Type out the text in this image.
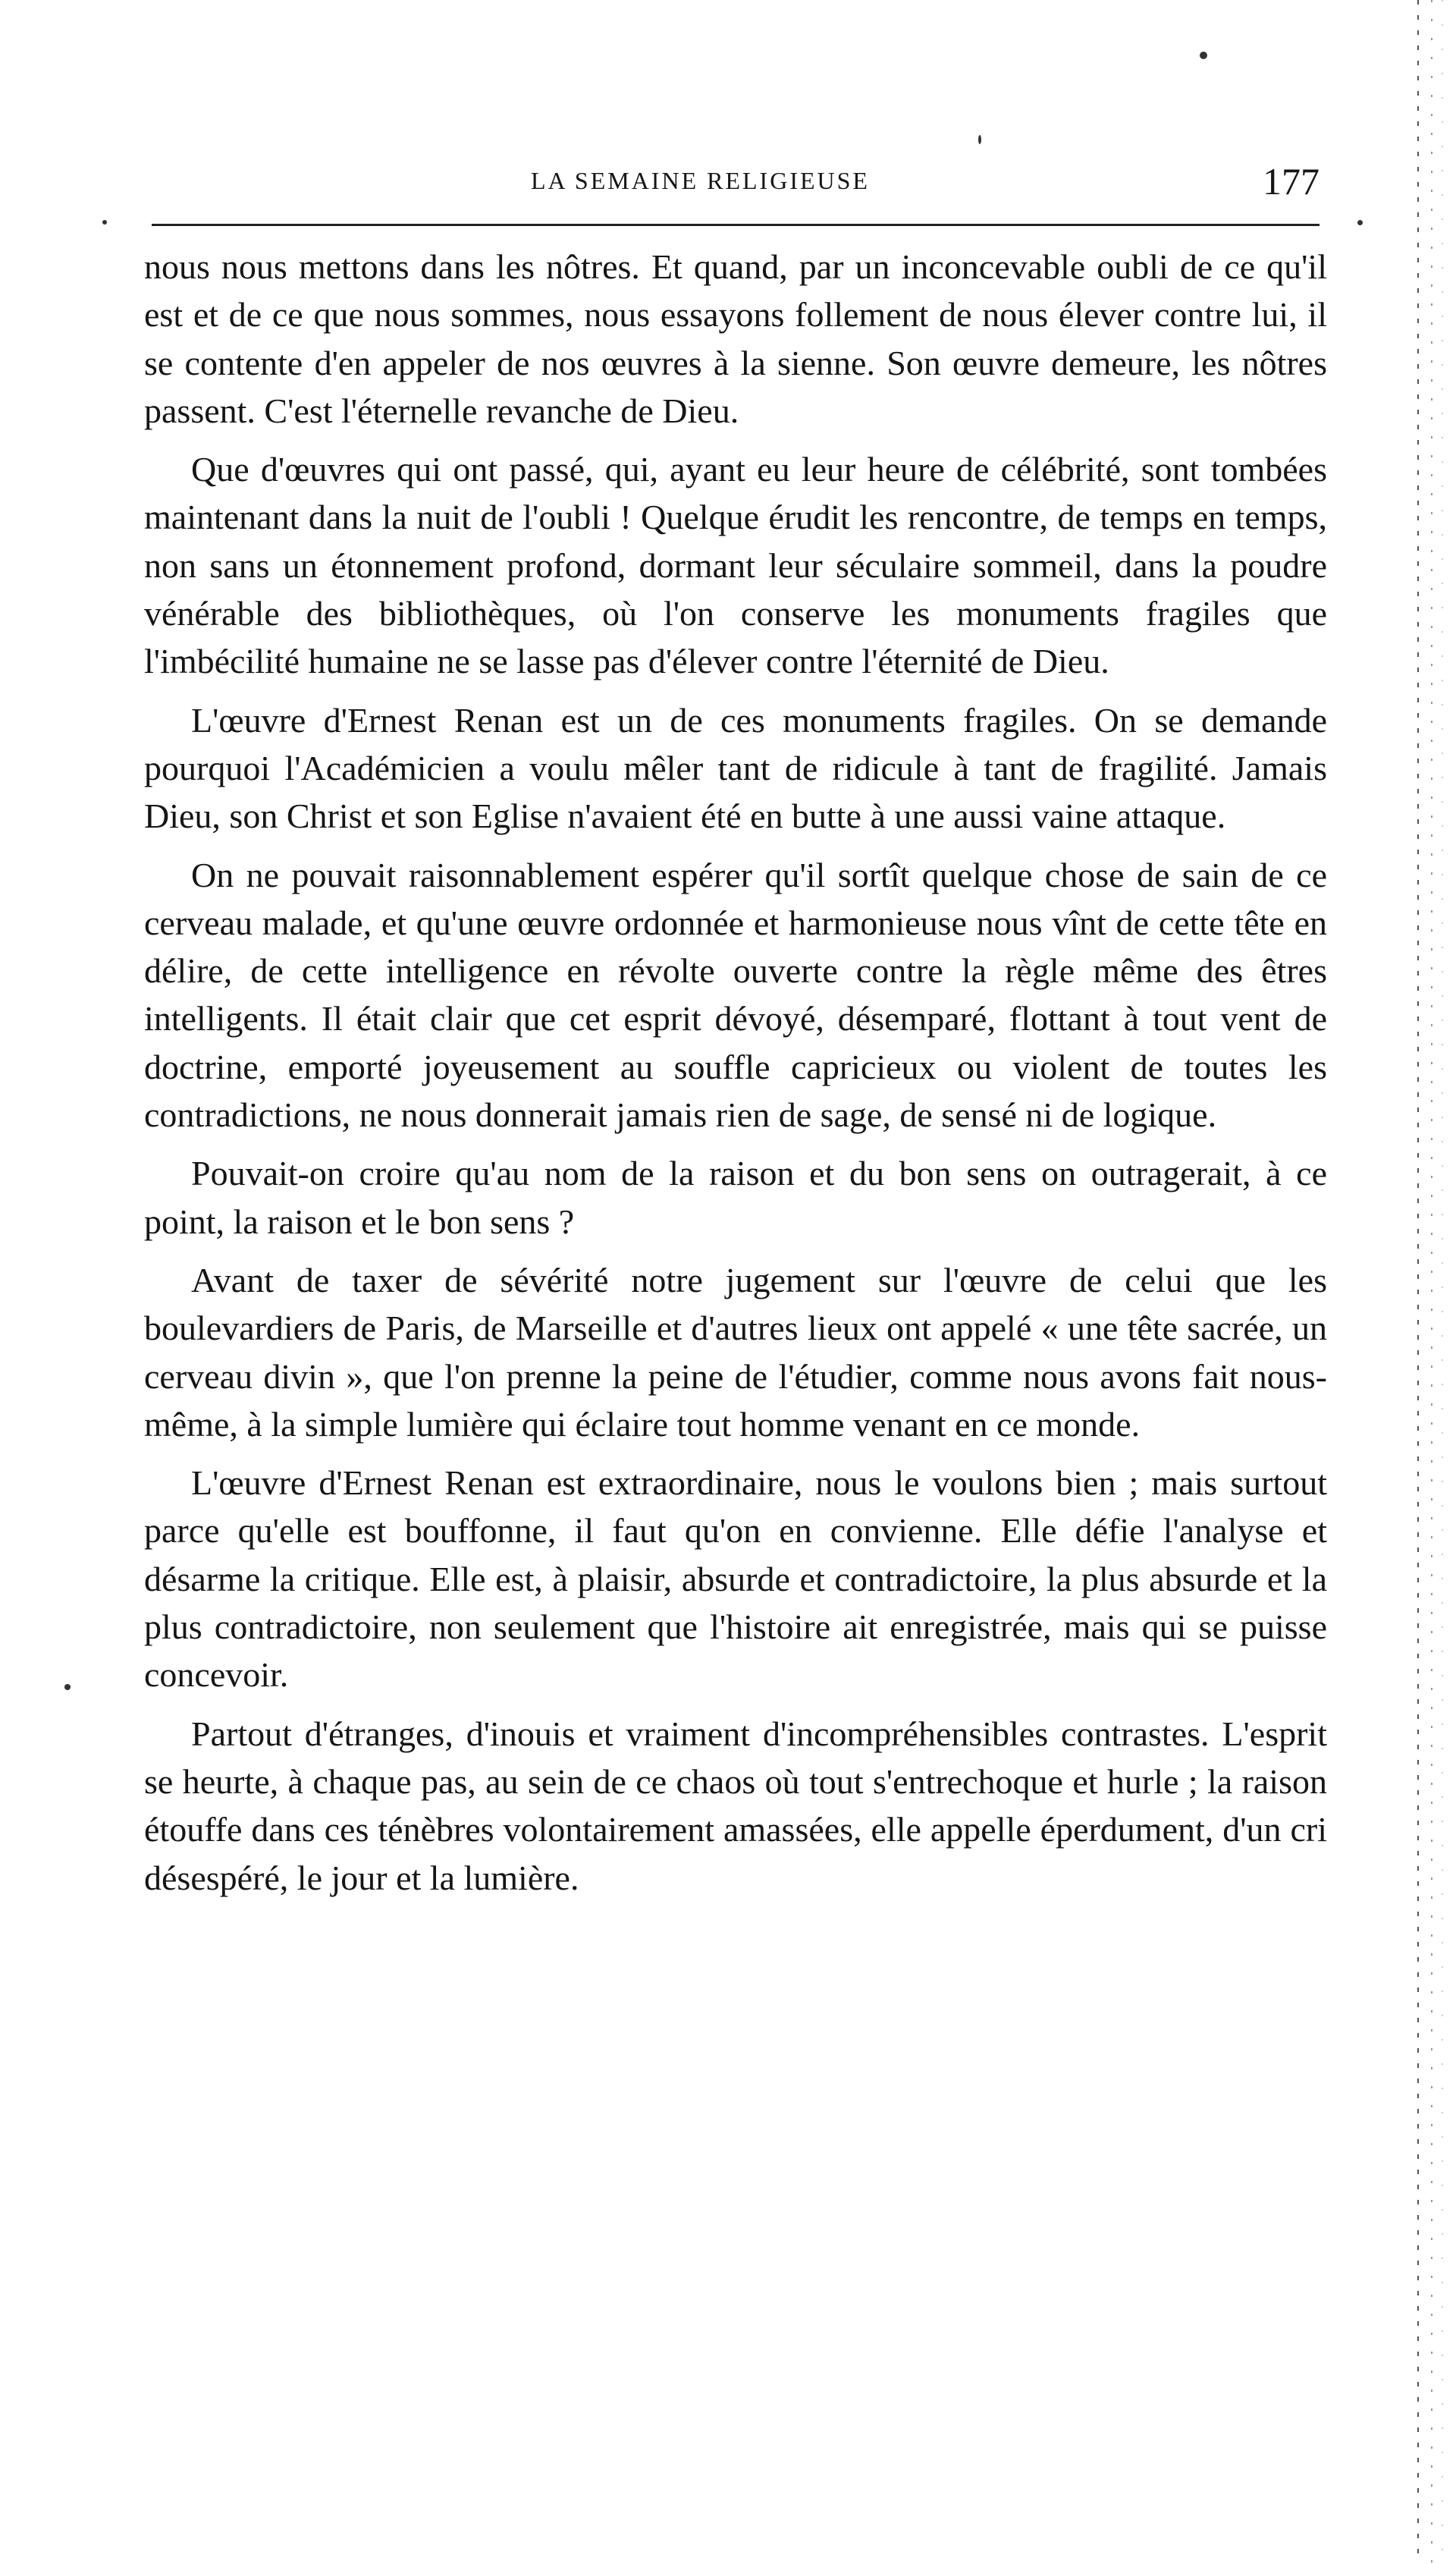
LA SEMAINE RELIGIEUSE	177

nous nous mettons dans les nôtres. Et quand, par un inconcevable oubli de ce qu'il est et de ce que nous sommes, nous essayons follement de nous élever contre lui, il se contente d'en appeler de nos œuvres à la sienne. Son œuvre demeure, les nôtres passent. C'est l'éternelle revanche de Dieu.

Que d'œuvres qui ont passé, qui, ayant eu leur heure de célébrité, sont tombées maintenant dans la nuit de l'oubli ! Quelque érudit les rencontre, de temps en temps, non sans un étonnement profond, dormant leur séculaire sommeil, dans la poudre vénérable des bibliothèques, où l'on conserve les monuments fragiles que l'imbécilité humaine ne se lasse pas d'élever contre l'éternité de Dieu.

L'œuvre d'Ernest Renan est un de ces monuments fragiles. On se demande pourquoi l'Académicien a voulu mêler tant de ridicule à tant de fragilité. Jamais Dieu, son Christ et son Eglise n'avaient été en butte à une aussi vaine attaque.

On ne pouvait raisonnablement espérer qu'il sortît quelque chose de sain de ce cerveau malade, et qu'une œuvre ordonnée et harmonieuse nous vînt de cette tête en délire, de cette intelligence en révolte ouverte contre la règle même des êtres intelligents. Il était clair que cet esprit dévoyé, désemparé, flottant à tout vent de doctrine, emporté joyeusement au souffle capricieux ou violent de toutes les contradictions, ne nous donnerait jamais rien de sage, de sensé ni de logique.

Pouvait-on croire qu'au nom de la raison et du bon sens on outragerait, à ce point, la raison et le bon sens ?

Avant de taxer de sévérité notre jugement sur l'œuvre de celui que les boulevardiers de Paris, de Marseille et d'autres lieux ont appelé « une tête sacrée, un cerveau divin », que l'on prenne la peine de l'étudier, comme nous avons fait nous-même, à la simple lumière qui éclaire tout homme venant en ce monde.

L'œuvre d'Ernest Renan est extraordinaire, nous le voulons bien ; mais surtout parce qu'elle est bouffonne, il faut qu'on en convienne. Elle défie l'analyse et désarme la critique. Elle est, à plaisir, absurde et contradictoire, la plus absurde et la plus contradictoire, non seulement que l'histoire ait enregistrée, mais qui se puisse concevoir.

Partout d'étranges, d'inouis et vraiment d'incompréhensibles contrastes. L'esprit se heurte, à chaque pas, au sein de ce chaos où tout s'entrechoque et hurle ; la raison étouffe dans ces ténèbres volontairement amassées, elle appelle éperdument, d'un cri désespéré, le jour et la lumière.
